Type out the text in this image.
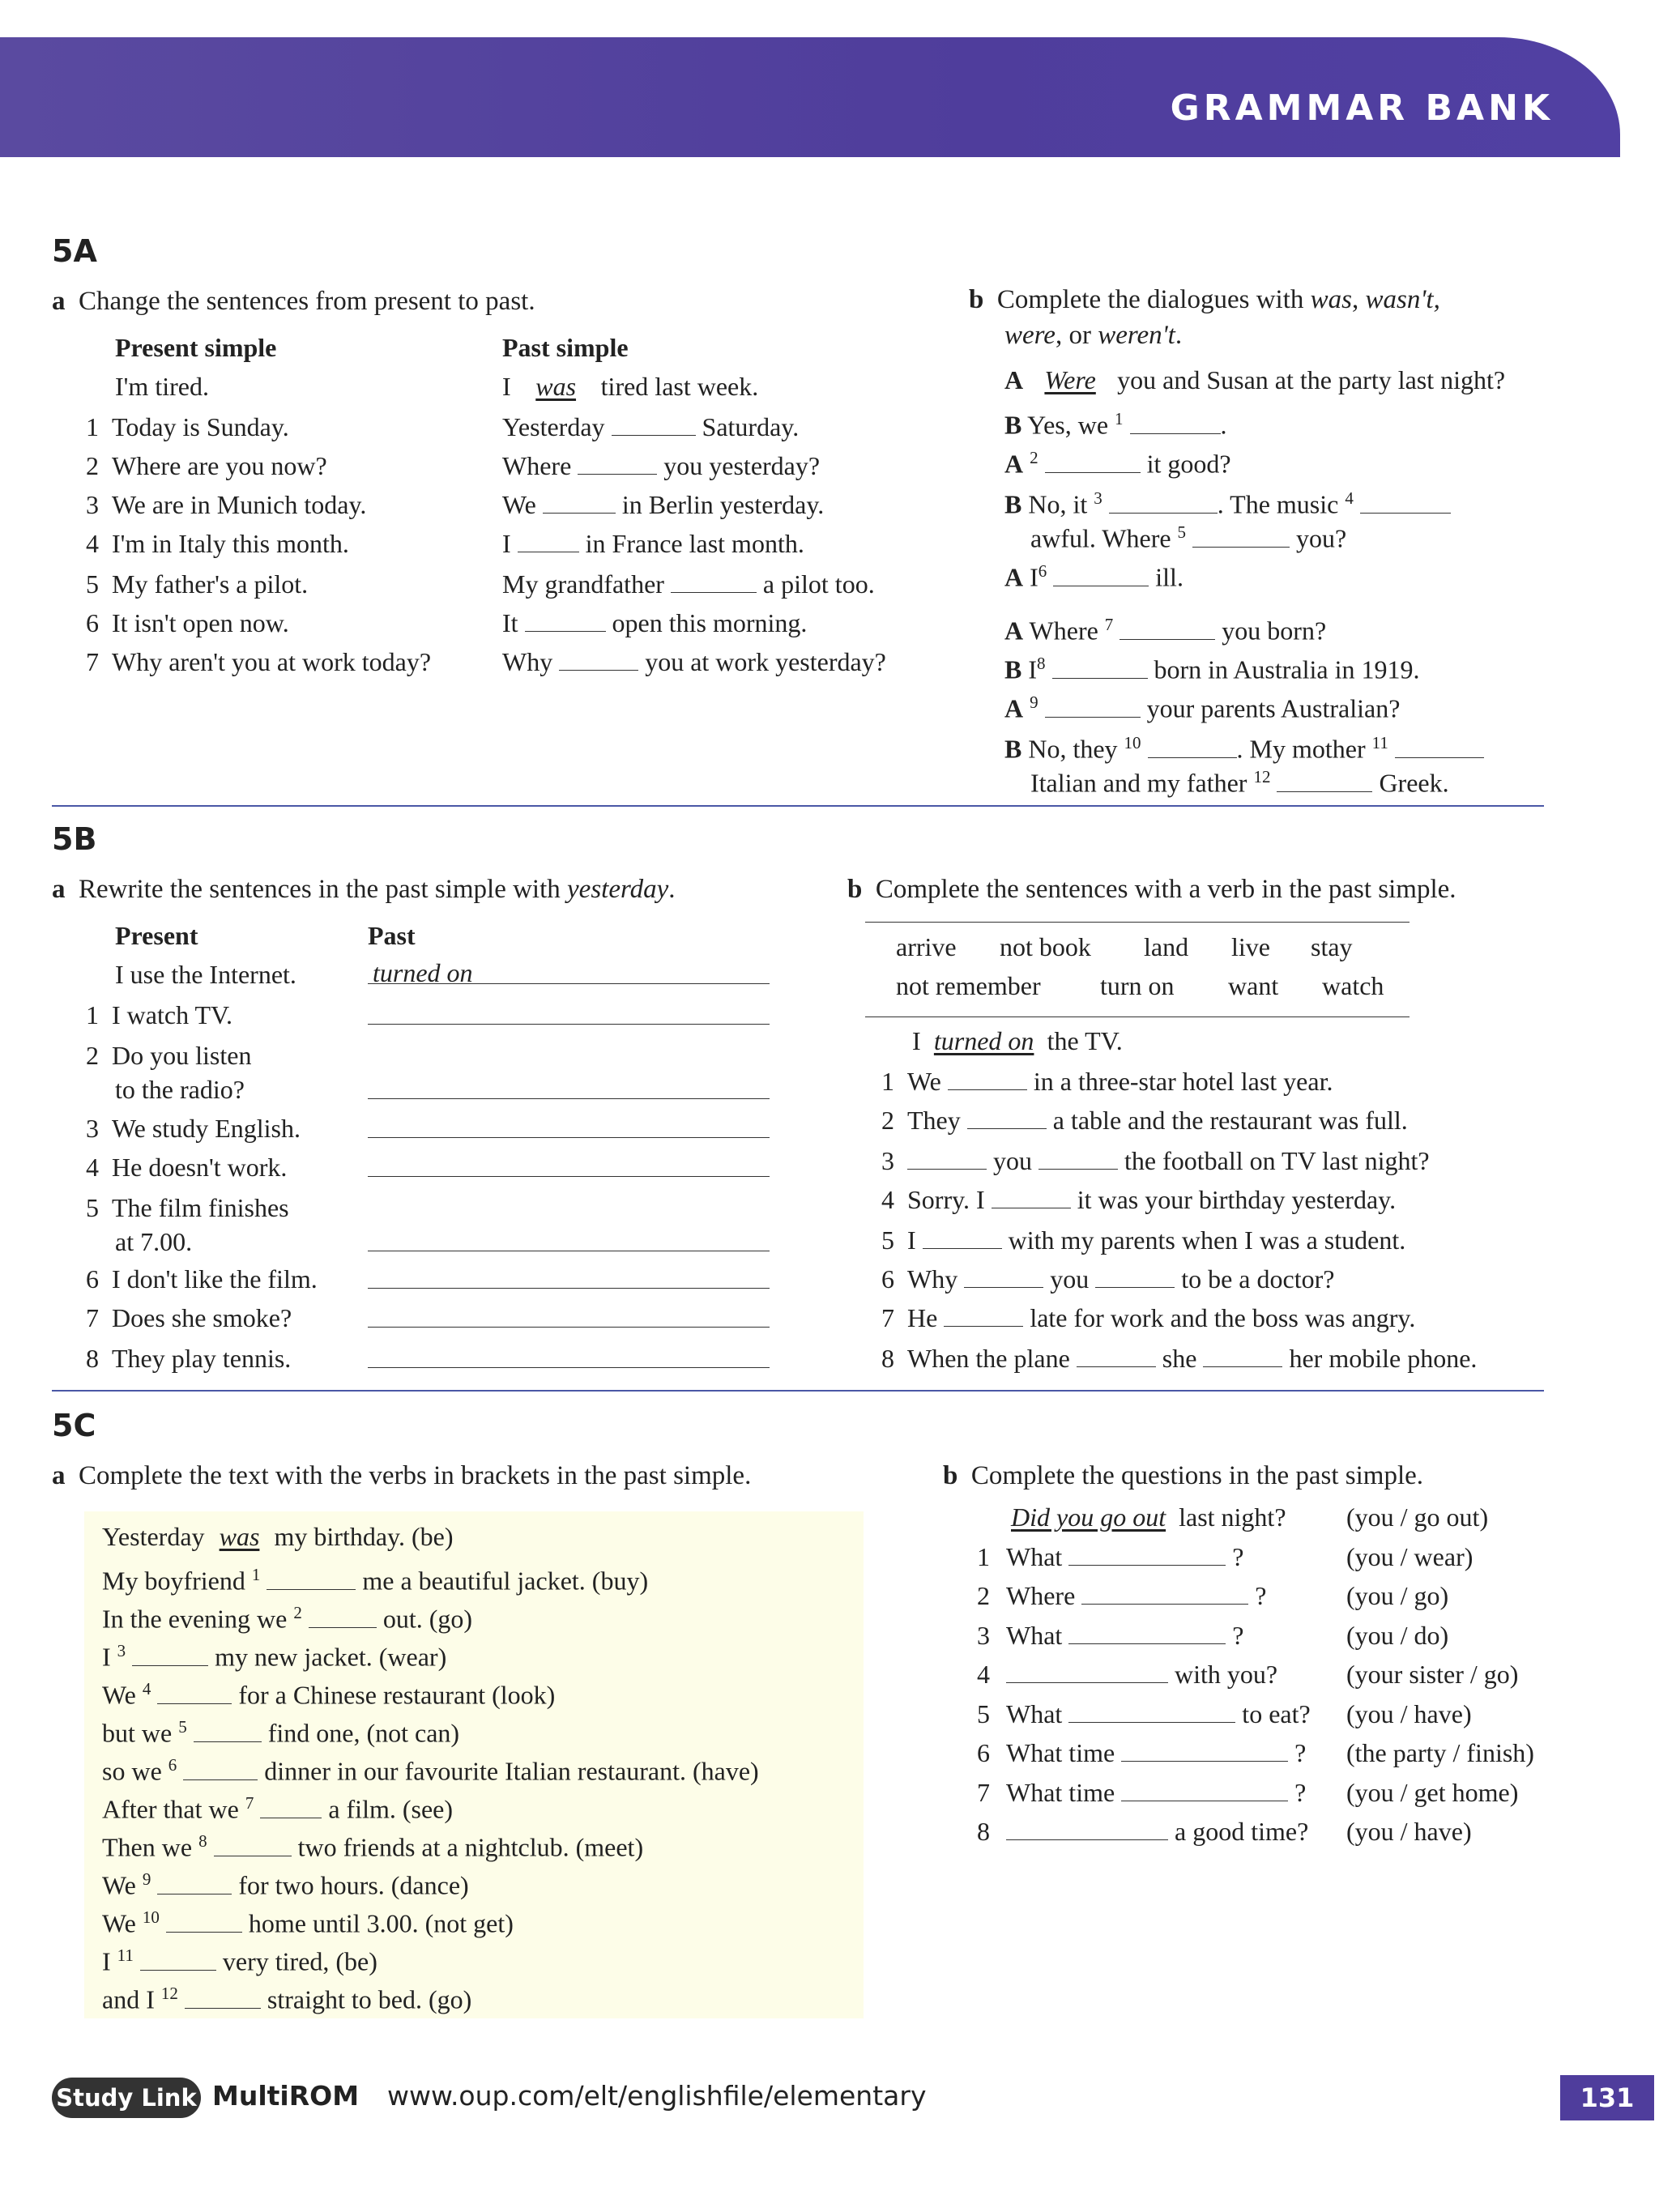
GRAMMAR BANK
5A
a Change the sentences from present to past.
Present simple	Past simple
I'm tired.	I was tired last week.
1 Today is Sunday.	Yesterday	Saturday.
2 Where are you now?	Where	you yesterday?
3 We are in Munich today.	We	in Berlin yesterday.
4 I'm in Italy this month.	I	in France last month.
5 My father's a pilot.	My grandfather	a pilot too.
6 It isn't open now.	It	open this morning.
7 Why aren't you at work today?	Why	you at work yesterday?
b Complete the dialogues with was, wasn't,
were, or weren't.
A Were you and Susan at the party last night?
B Yes, we $^1$	.
A $^2$	it good?
B No, it $^3$	. The music $^4$
awful. Where $^5$	you?
A $I^6$	ill.
A Where $^7$	you born?
B $I^8$	born in Australia in 1919.
A $^9$	your parents Australian?
B No, they $^{10}$	. My mother $^{11}$
Italian and my father $^{12}$	Greek.
5B
a Rewrite the sentences in the past simple with yesterday.
Present	Past
I use the Internet.	turned on
1 I watch TV.
2 Do you listen
to the radio?
3 We study English.
4 He doesn't work.
5 The film finishes
at 7.00.
6 I don't like the film.
7 Does she smoke?
8 They play tennis.
b Complete the sentences with a verb in the past simple.
arrive not book land live stay
not remember turn on want watch
I turned on the TV.
1 We	in a three-star hotel last year.
2 They	a table and the restaurant was full.
3	you	the football on TV last night?
4 Sorry. I	it was your birthday yesterday.
5 I	with my parents when I was a student.
6 Why	you	to be a doctor?
7 He	late for work and the boss was angry.
8 When the plane	she	her mobile phone.
5C
a Complete the text with the verbs in brackets in the past simple.
Yesterday was my birthday. (be)
My boyfriend $^1$	me a beautiful jacket. (buy)
In the evening we $^2$	out. (go)
I $^3$	my new jacket. (wear)
We $^4$	for a Chinese restaurant (look)
but we $^5$	find one, (not can)
so we $^6$	dinner in our favourite Italian restaurant. (have)
After that we $^7$	a film. (see)
Then we $^8$	two friends at a nightclub. (meet)
We $^9$	for two hours. (dance)
We $^{10}$	home until 3.00. (not get)
I $^{11}$	very tired, (be)
and I $^{12}$	straight to bed. (go)
b Complete the questions in the past simple.
Did you go out last night? (you / go out)
1 What	?	(you / wear)
2 Where	?	(you / go)
3 What	?	(you / do)
4	with you?	(your sister / go)
5 What	to eat? (you / have)
6 What time	? (the party / finish)
7 What time	? (you / get home)
8	a good time? (you / have)
Study Link MultiROM www.oup.com/elt/englishfile/elementary	131
